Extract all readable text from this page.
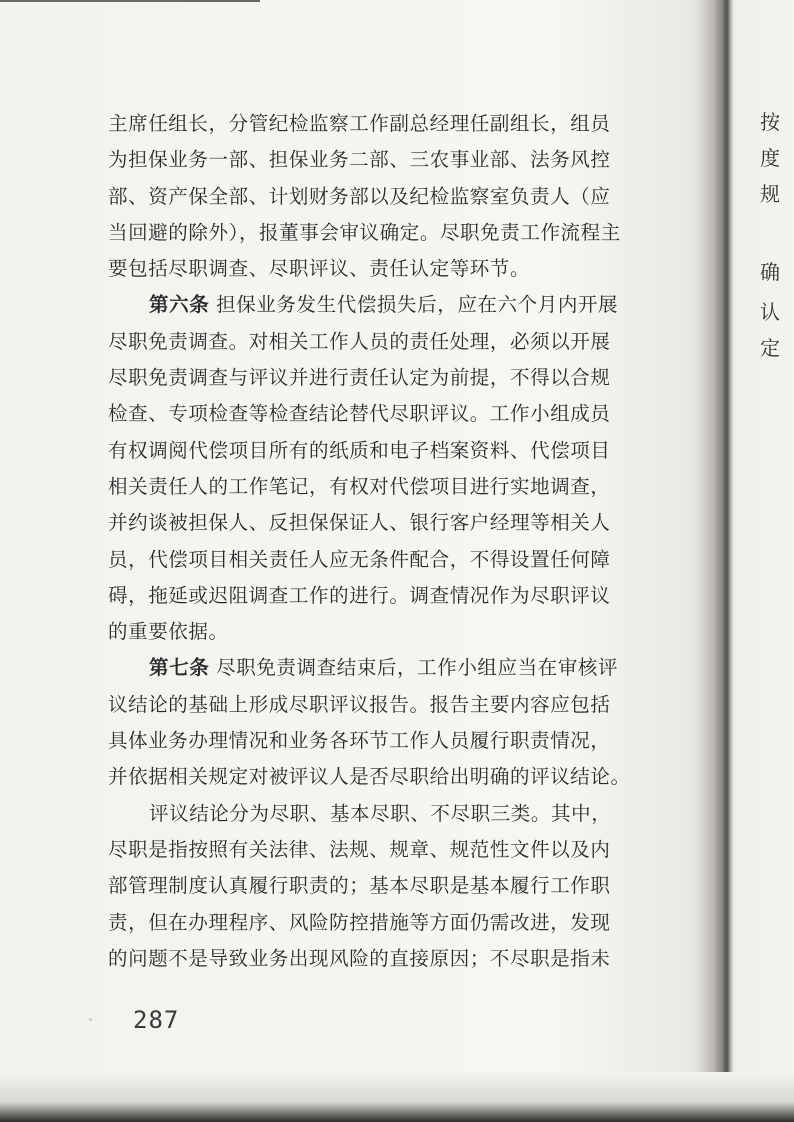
主席任组长，分管纪检监察工作副总经理任副组长，组员

为担保业务一部、担保业务二部、三农事业部、法务风控

部、资产保全部、计划财务部以及纪检监察室负责人（应

当回避的除外），报董事会审议确定。尽职免责工作流程主

要包括尽职调查、尽职评议、责任认定等环节。

第六条 担保业务发生代偿损失后，应在六个月内开展

尽职免责调查。对相关工作人员的责任处理，必须以开展

尽职免责调查与评议并进行责任认定为前提，不得以合规

检查、专项检查等检查结论替代尽职评议。工作小组成员

有权调阅代偿项目所有的纸质和电子档案资料、代偿项目

相关责任人的工作笔记，有权对代偿项目进行实地调查，

并约谈被担保人、反担保保证人、银行客户经理等相关人

员，代偿项目相关责任人应无条件配合，不得设置任何障

碍，拖延或迟阻调查工作的进行。调查情况作为尽职评议

的重要依据。

第七条 尽职免责调查结束后，工作小组应当在审核评

议结论的基础上形成尽职评议报告。报告主要内容应包括

具体业务办理情况和业务各环节工作人员履行职责情况，

并依据相关规定对被评议人是否尽职给出明确的评议结论。

评议结论分为尽职、基本尽职、不尽职三类。其中，

尽职是指按照有关法律、法规、规章、规范性文件以及内

部管理制度认真履行职责的；基本尽职是基本履行工作职

责，但在办理程序、风险防控措施等方面仍需改进，发现

的问题不是导致业务出现风险的直接原因；不尽职是指未

◦ 287
按
度
规
确
认
定
